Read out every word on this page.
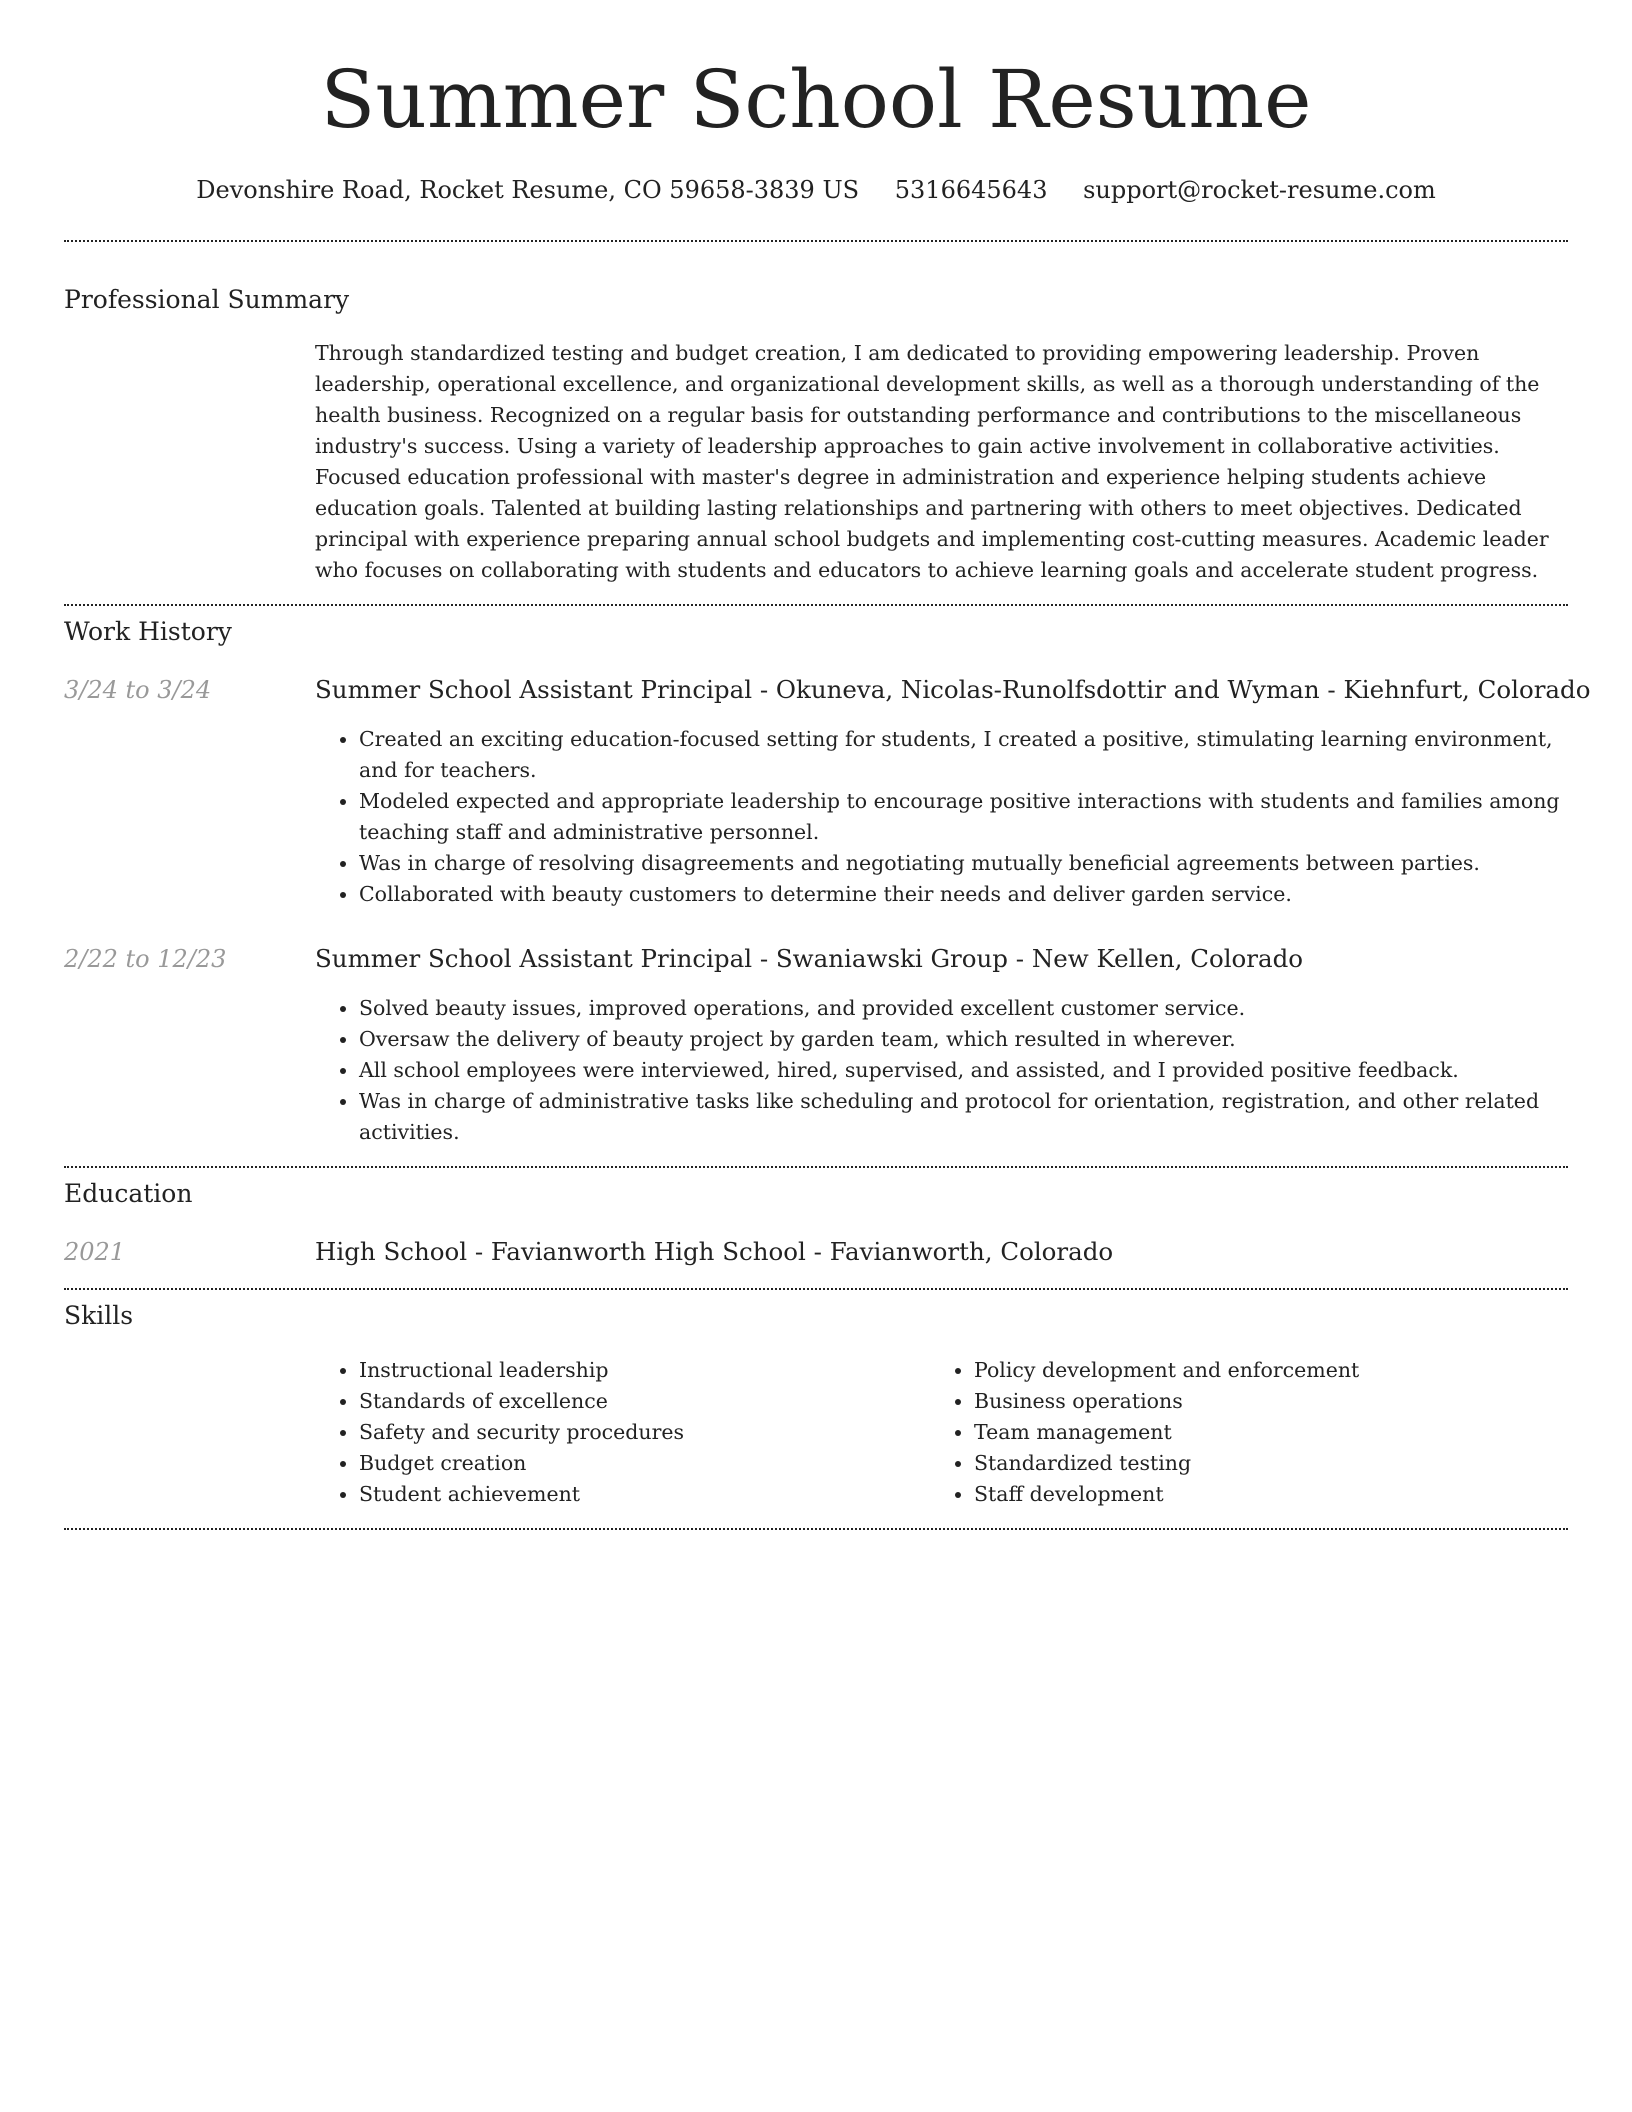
Summer School Resume
Devonshire Road, Rocket Resume, CO 59658-3839 US 5316645643 support@rocket-resume.com
Professional Summary

Through standardized testing and budget creation, I am dedicated to providing empowering leadership. Proven leadership, operational excellence, and organizational development skills, as well as a thorough understanding of the health business. Recognized on a regular basis for outstanding performance and contributions to the miscellaneous industry's success. Using a variety of leadership approaches to gain active involvement in collaborative activities. Focused education professional with master's degree in administration and experience helping students achieve education goals. Talented at building lasting relationships and partnering with others to meet objectives. Dedicated principal with experience preparing annual school budgets and implementing cost-cutting measures. Academic leader who focuses on collaborating with students and educators to achieve learning goals and accelerate student progress.

Work History
3/24 to 3/24	Summer School Assistant Principal - Okuneva, Nicolas-Runolfsdottir and Wyman - Kiehnfurt, Colorado
• Created an exciting education-focused setting for students, I created a positive, stimulating learning environment, and for teachers.
• Modeled expected and appropriate leadership to encourage positive interactions with students and families among teaching staff and administrative personnel.
• Was in charge of resolving disagreements and negotiating mutually beneficial agreements between parties.
• Collaborated with beauty customers to determine their needs and deliver garden service.
2/22 to 12/23	Summer School Assistant Principal - Swaniawski Group - New Kellen, Colorado
• Solved beauty issues, improved operations, and provided excellent customer service.
• Oversaw the delivery of beauty project by garden team, which resulted in wherever.
• All school employees were interviewed, hired, supervised, and assisted, and I provided positive feedback.
• Was in charge of administrative tasks like scheduling and protocol for orientation, registration, and other related activities.
Education
2021	High School - Favianworth High School - Favianworth, Colorado
Skills
• Instructional leadership
• Standards of excellence
• Safety and security procedures
• Budget creation
• Student achievement
• Policy development and enforcement
• Business operations
• Team management
• Standardized testing
• Staff development
